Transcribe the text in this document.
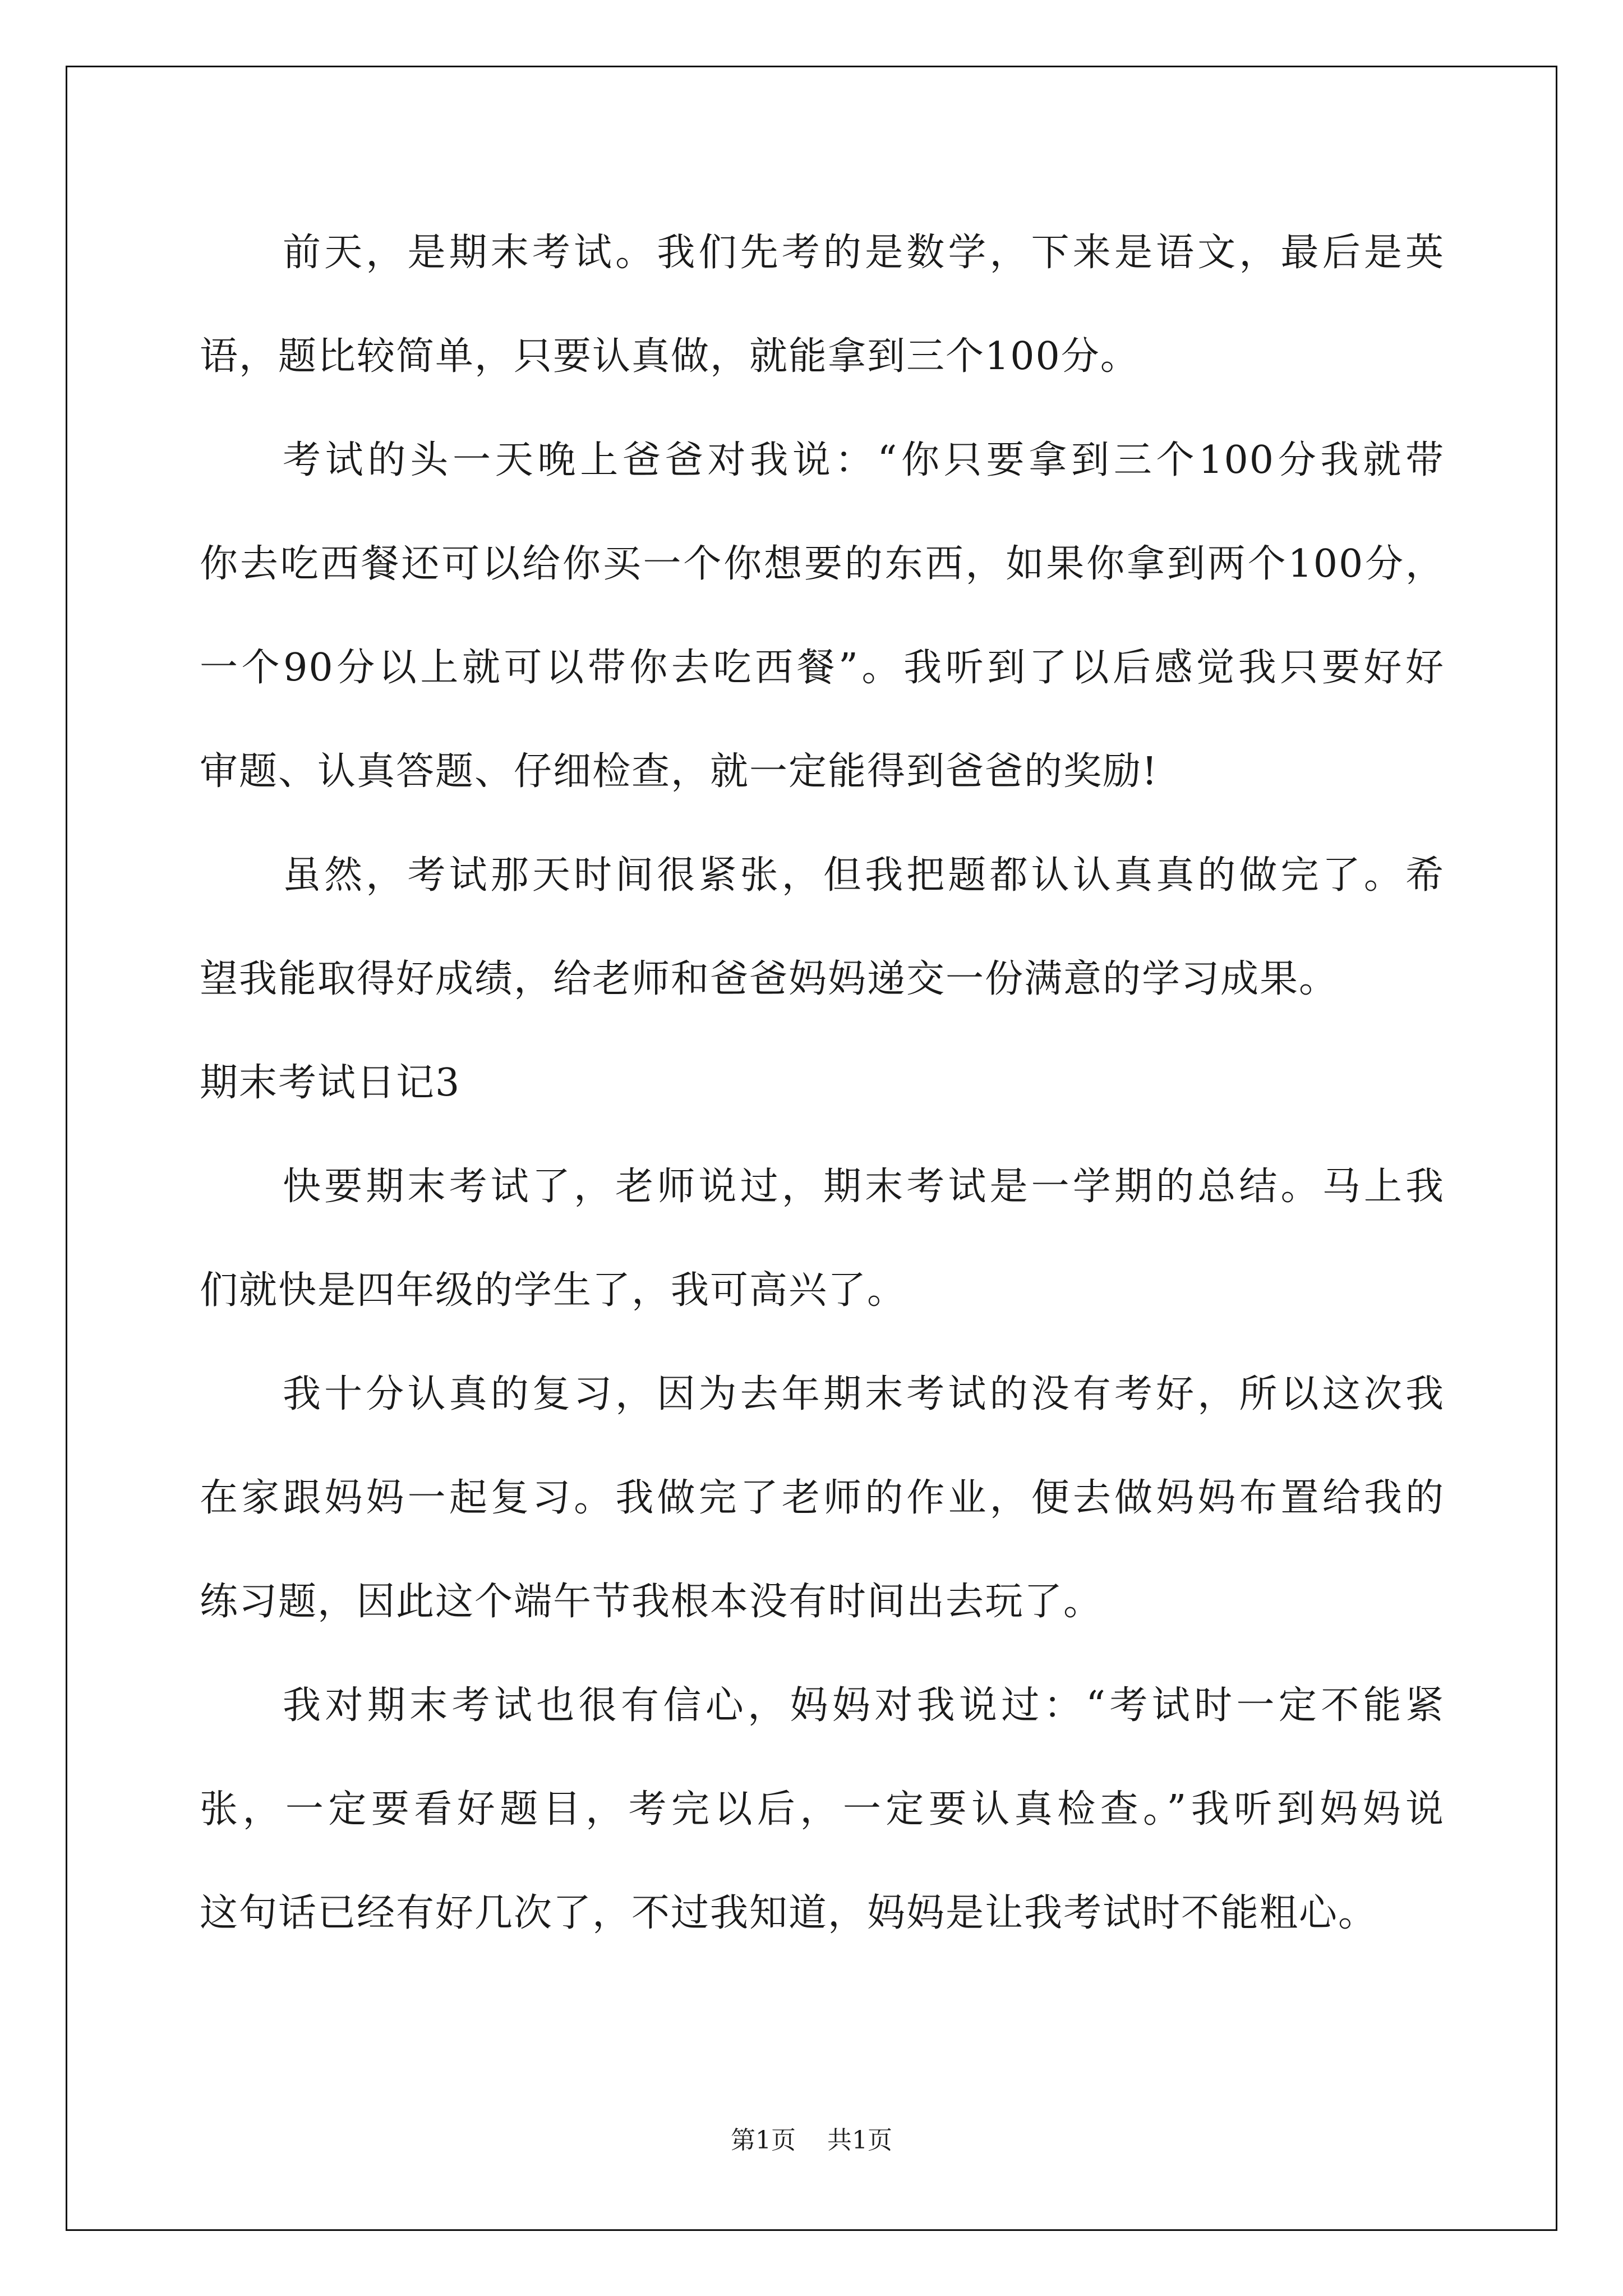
前天，是期末考试。我们先考的是数学，下来是语文，最后是英
语，题比较简单，只要认真做，就能拿到三个100分。
考试的头一天晚上爸爸对我说：“你只要拿到三个100分我就带
你去吃西餐还可以给你买一个你想要的东西，如果你拿到两个100分，
一个90分以上就可以带你去吃西餐”。我听到了以后感觉我只要好好
审题、认真答题、仔细检查，就一定能得到爸爸的奖励!
虽然，考试那天时间很紧张，但我把题都认认真真的做完了。希
望我能取得好成绩，给老师和爸爸妈妈递交一份满意的学习成果。
期末考试日记3
快要期末考试了，老师说过，期末考试是一学期的总结。马上我
们就快是四年级的学生了，我可高兴了。
我十分认真的复习，因为去年期末考试的没有考好，所以这次我
在家跟妈妈一起复习。我做完了老师的作业，便去做妈妈布置给我的
练习题，因此这个端午节我根本没有时间出去玩了。
我对期末考试也很有信心，妈妈对我说过：“考试时一定不能紧
张，一定要看好题目，考完以后，一定要认真检查。”我听到妈妈说
这句话已经有好几次了，不过我知道，妈妈是让我考试时不能粗心。
第1页 共1页
